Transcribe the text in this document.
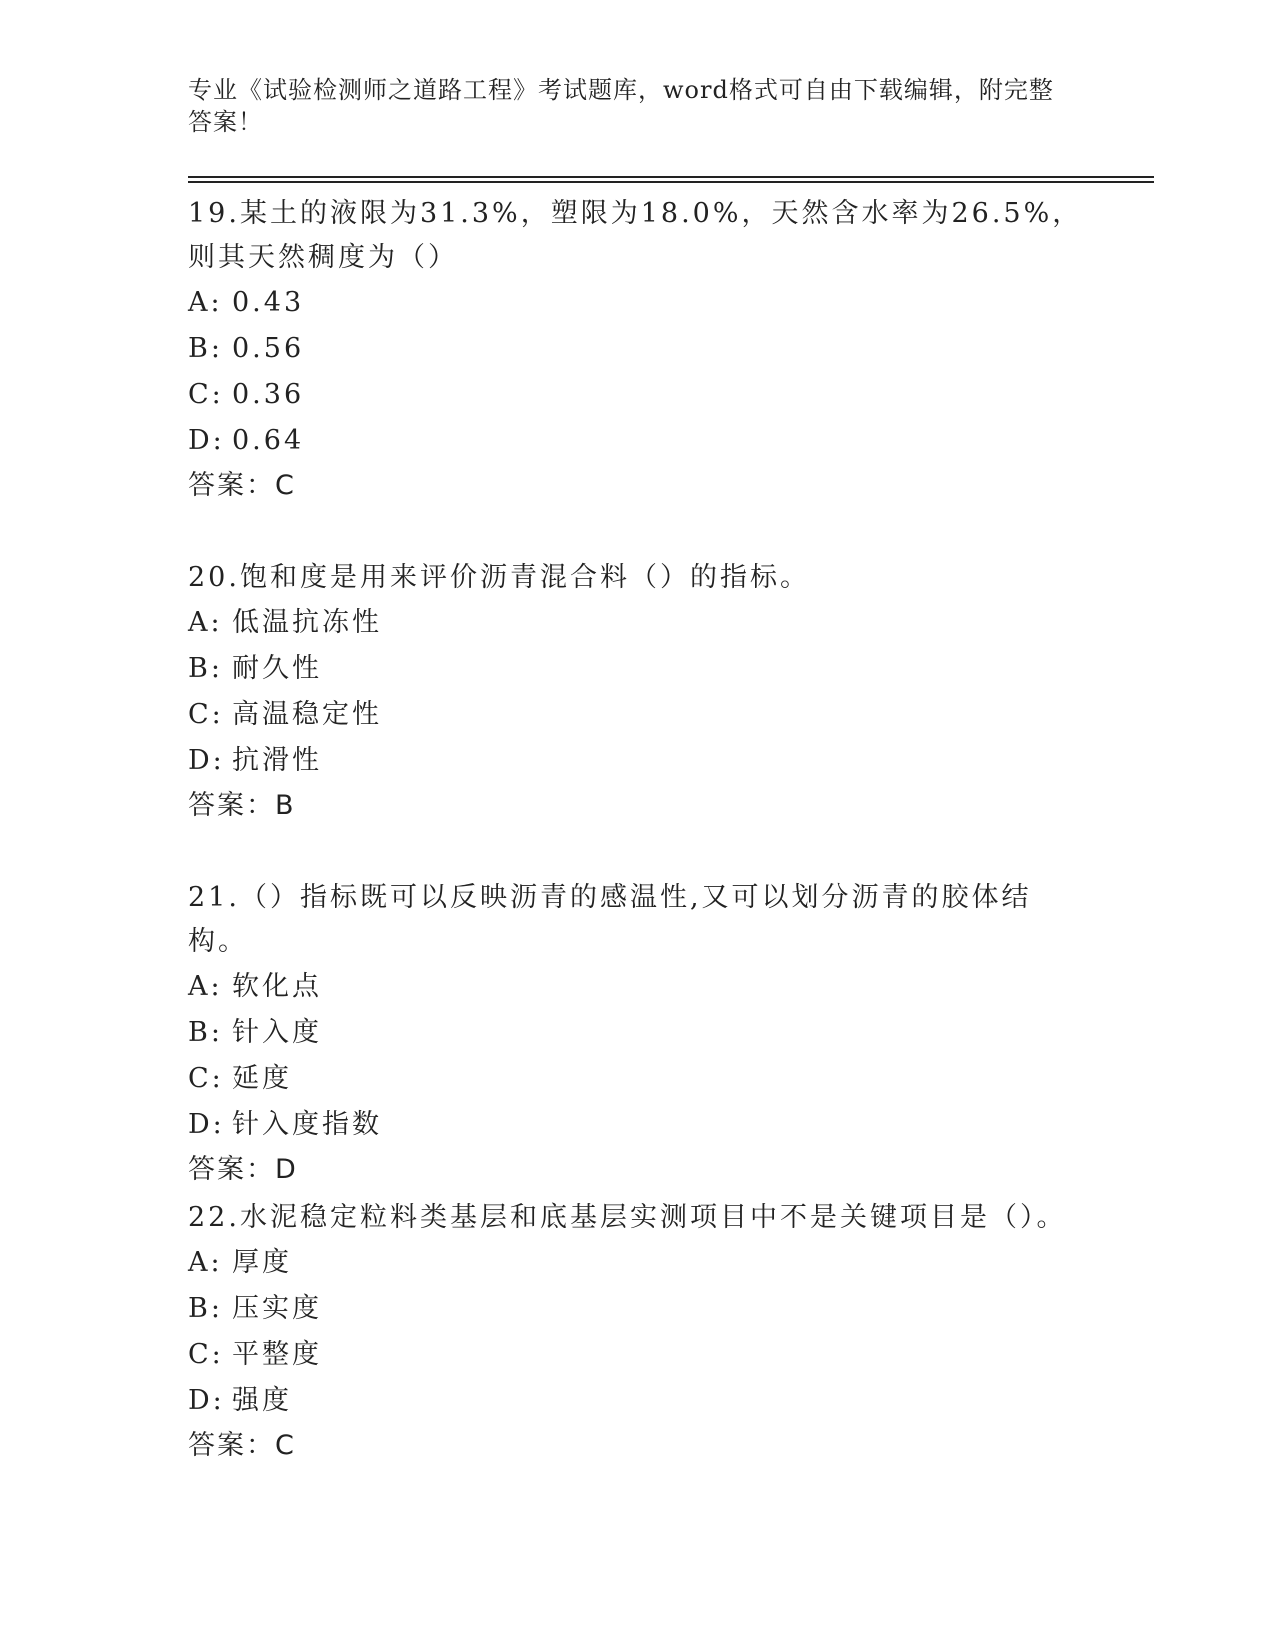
专业《试验检测师之道路工程》考试题库，word格式可自由下载编辑，附完整答案！

19.某土的液限为31.3%，塑限为18.0%，天然含水率为26.5%，则其天然稠度为（）

A: 0.43

B: 0.56

C: 0.36

D: 0.64

答案：C

20.饱和度是用来评价沥青混合料（）的指标。

A: 低温抗冻性

B: 耐久性

C: 高温稳定性

D: 抗滑性

答案：B

21.（）指标既可以反映沥青的感温性,又可以划分沥青的胶体结构。

A: 软化点

B: 针入度

C: 延度

D: 针入度指数

答案：D

22.水泥稳定粒料类基层和底基层实测项目中不是关键项目是（）。

A: 厚度

B: 压实度

C: 平整度

D: 强度

答案：C
